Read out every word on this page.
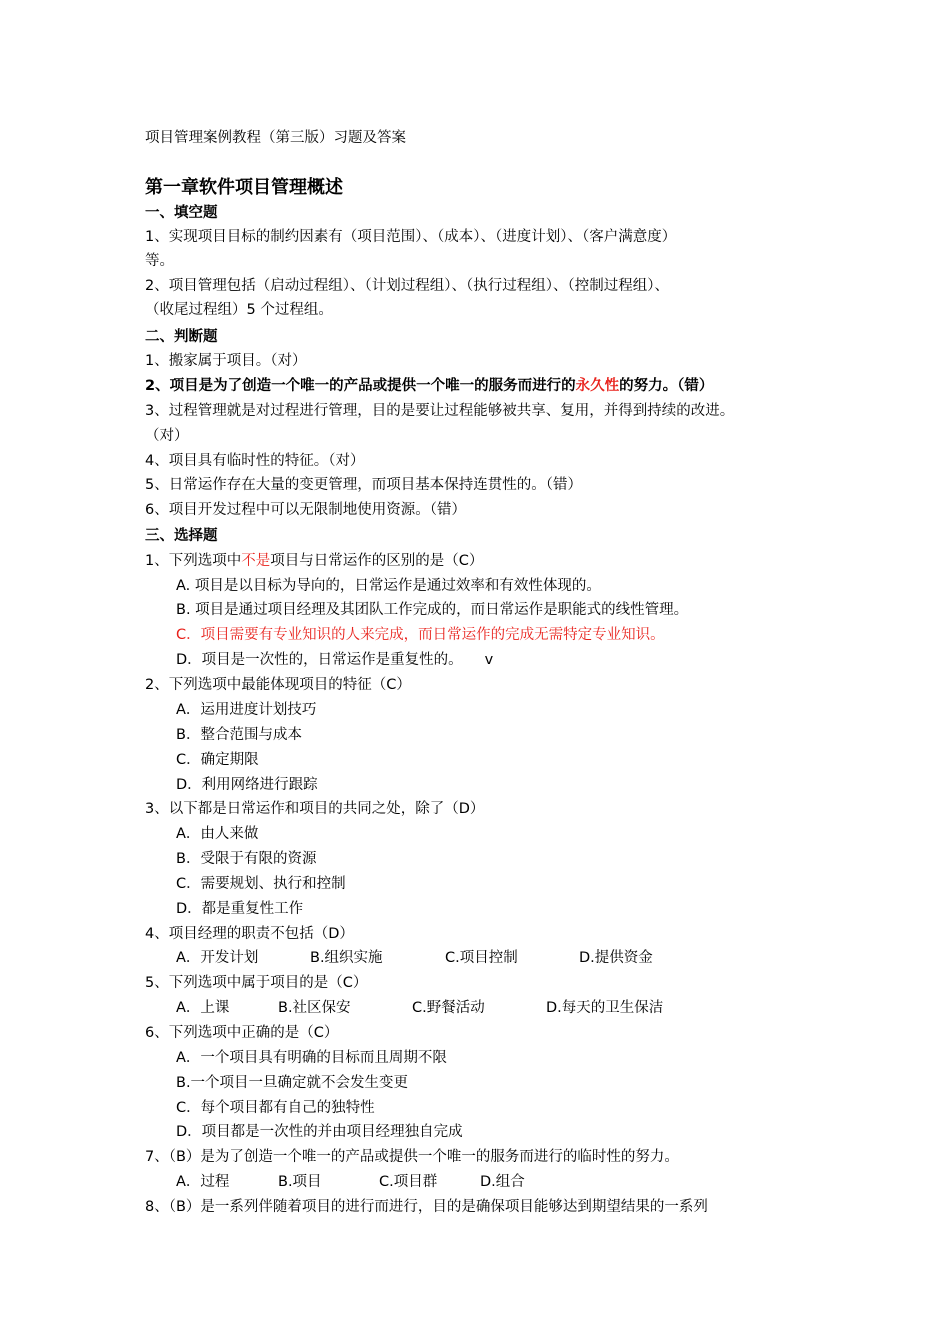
项目管理案例教程（第三版）习题及答案
第一章软件项目管理概述
一、填空题
1、实现项目目标的制约因素有（项目范围）、（成本）、（进度计划）、（客户满意度）
等。
2、项目管理包括（启动过程组）、（计划过程组）、（执行过程组）、（控制过程组）、
（收尾过程组）5 个过程组。
二、判断题
1、搬家属于项目。（对）
2、项目是为了创造一个唯一的产品或提供一个唯一的服务而进行的永久性的努力。（错）
3、过程管理就是对过程进行管理，目的是要让过程能够被共享、复用，并得到持续的改进。
（对）
4、项目具有临时性的特征。（对）
5、日常运作存在大量的变更管理，而项目基本保持连贯性的。（错）
6、项目开发过程中可以无限制地使用资源。（错）
三、选择题
1、下列选项中不是项目与日常运作的区别的是（C）
A. 项目是以目标为导向的，日常运作是通过效率和有效性体现的。
B. 项目是通过项目经理及其团队工作完成的，而日常运作是职能式的线性管理。
C．项目需要有专业知识的人来完成，而日常运作的完成无需特定专业知识。
D．项目是一次性的，日常运作是重复性的。 v
2、下列选项中最能体现项目的特征（C）
A．运用进度计划技巧
B．整合范围与成本
C．确定期限
D．利用网络进行跟踪
3、以下都是日常运作和项目的共同之处，除了（D）
A．由人来做
B．受限于有限的资源
C．需要规划、执行和控制
D．都是重复性工作
4、项目经理的职责不包括（D）
A．开发计划	B.组织实施	C.项目控制	D.提供资金
5、下列选项中属于项目的是（C）
A．上课	B.社区保安	C.野餐活动	D.每天的卫生保洁
6、下列选项中正确的是（C）
A．一个项目具有明确的目标而且周期不限
B.一个项目一旦确定就不会发生变更
C．每个项目都有自己的独特性
D．项目都是一次性的并由项目经理独自完成
7、（B）是为了创造一个唯一的产品或提供一个唯一的服务而进行的临时性的努力。
A．过程	B.项目	C.项目群	D.组合
8、（B）是一系列伴随着项目的进行而进行，目的是确保项目能够达到期望结果的一系列
